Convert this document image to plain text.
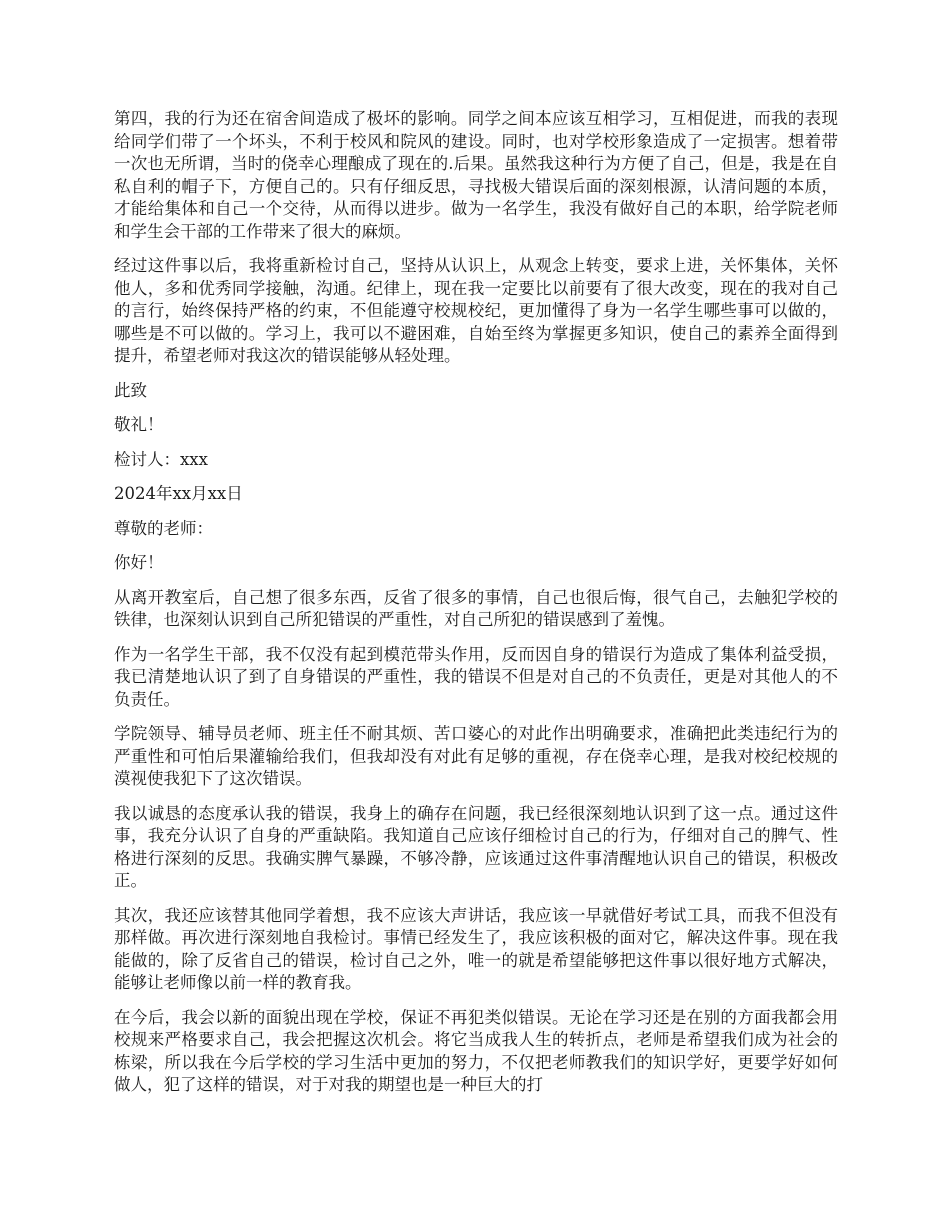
第四，我的行为还在宿舍间造成了极坏的影响。同学之间本应该互相学习，互相促进，而我的表现给同学们带了一个坏头，不利于校风和院风的建设。同时，也对学校形象造成了一定损害。想着带一次也无所谓，当时的侥幸心理酿成了现在的.后果。虽然我这种行为方便了自己，但是，我是在自私自利的帽子下，方便自己的。只有仔细反思，寻找极大错误后面的深刻根源，认清问题的本质，才能给集体和自己一个交待，从而得以进步。做为一名学生，我没有做好自己的本职，给学院老师和学生会干部的工作带来了很大的麻烦。

经过这件事以后，我将重新检讨自己，坚持从认识上，从观念上转变，要求上进，关怀集体，关怀他人，多和优秀同学接触，沟通。纪律上，现在我一定要比以前要有了很大改变，现在的我对自己的言行，始终保持严格的约束，不但能遵守校规校纪，更加懂得了身为一名学生哪些事可以做的，哪些是不可以做的。学习上，我可以不避困难，自始至终为掌握更多知识，使自己的素养全面得到提升，希望老师对我这次的错误能够从轻处理。

此致

敬礼！

检讨人：xxx

2024年xx月xx日

尊敬的老师：

你好！

从离开教室后，自己想了很多东西，反省了很多的事情，自己也很后悔，很气自己，去触犯学校的铁律，也深刻认识到自己所犯错误的严重性，对自己所犯的错误感到了羞愧。

作为一名学生干部，我不仅没有起到模范带头作用，反而因自身的错误行为造成了集体利益受损，我已清楚地认识了到了自身错误的严重性，我的错误不但是对自己的不负责任，更是对其他人的不负责任。

学院领导、辅导员老师、班主任不耐其烦、苦口婆心的对此作出明确要求，准确把此类违纪行为的严重性和可怕后果灌输给我们，但我却没有对此有足够的重视，存在侥幸心理，是我对校纪校规的漠视使我犯下了这次错误。

我以诚恳的态度承认我的错误，我身上的确存在问题，我已经很深刻地认识到了这一点。通过这件事，我充分认识了自身的严重缺陷。我知道自己应该仔细检讨自己的行为，仔细对自己的脾气、性格进行深刻的反思。我确实脾气暴躁，不够冷静，应该通过这件事清醒地认识自己的错误，积极改正。

其次，我还应该替其他同学着想，我不应该大声讲话，我应该一早就借好考试工具，而我不但没有那样做。再次进行深刻地自我检讨。事情已经发生了，我应该积极的面对它，解决这件事。现在我能做的，除了反省自己的错误，检讨自己之外，唯一的就是希望能够把这件事以很好地方式解决，能够让老师像以前一样的教育我。

在今后，我会以新的面貌出现在学校，保证不再犯类似错误。无论在学习还是在别的方面我都会用校规来严格要求自己，我会把握这次机会。将它当成我人生的转折点，老师是希望我们成为社会的栋梁，所以我在今后学校的学习生活中更加的努力，不仅把老师教我们的知识学好，更要学好如何做人，犯了这样的错误，对于对我的期望也是一种巨大的打
